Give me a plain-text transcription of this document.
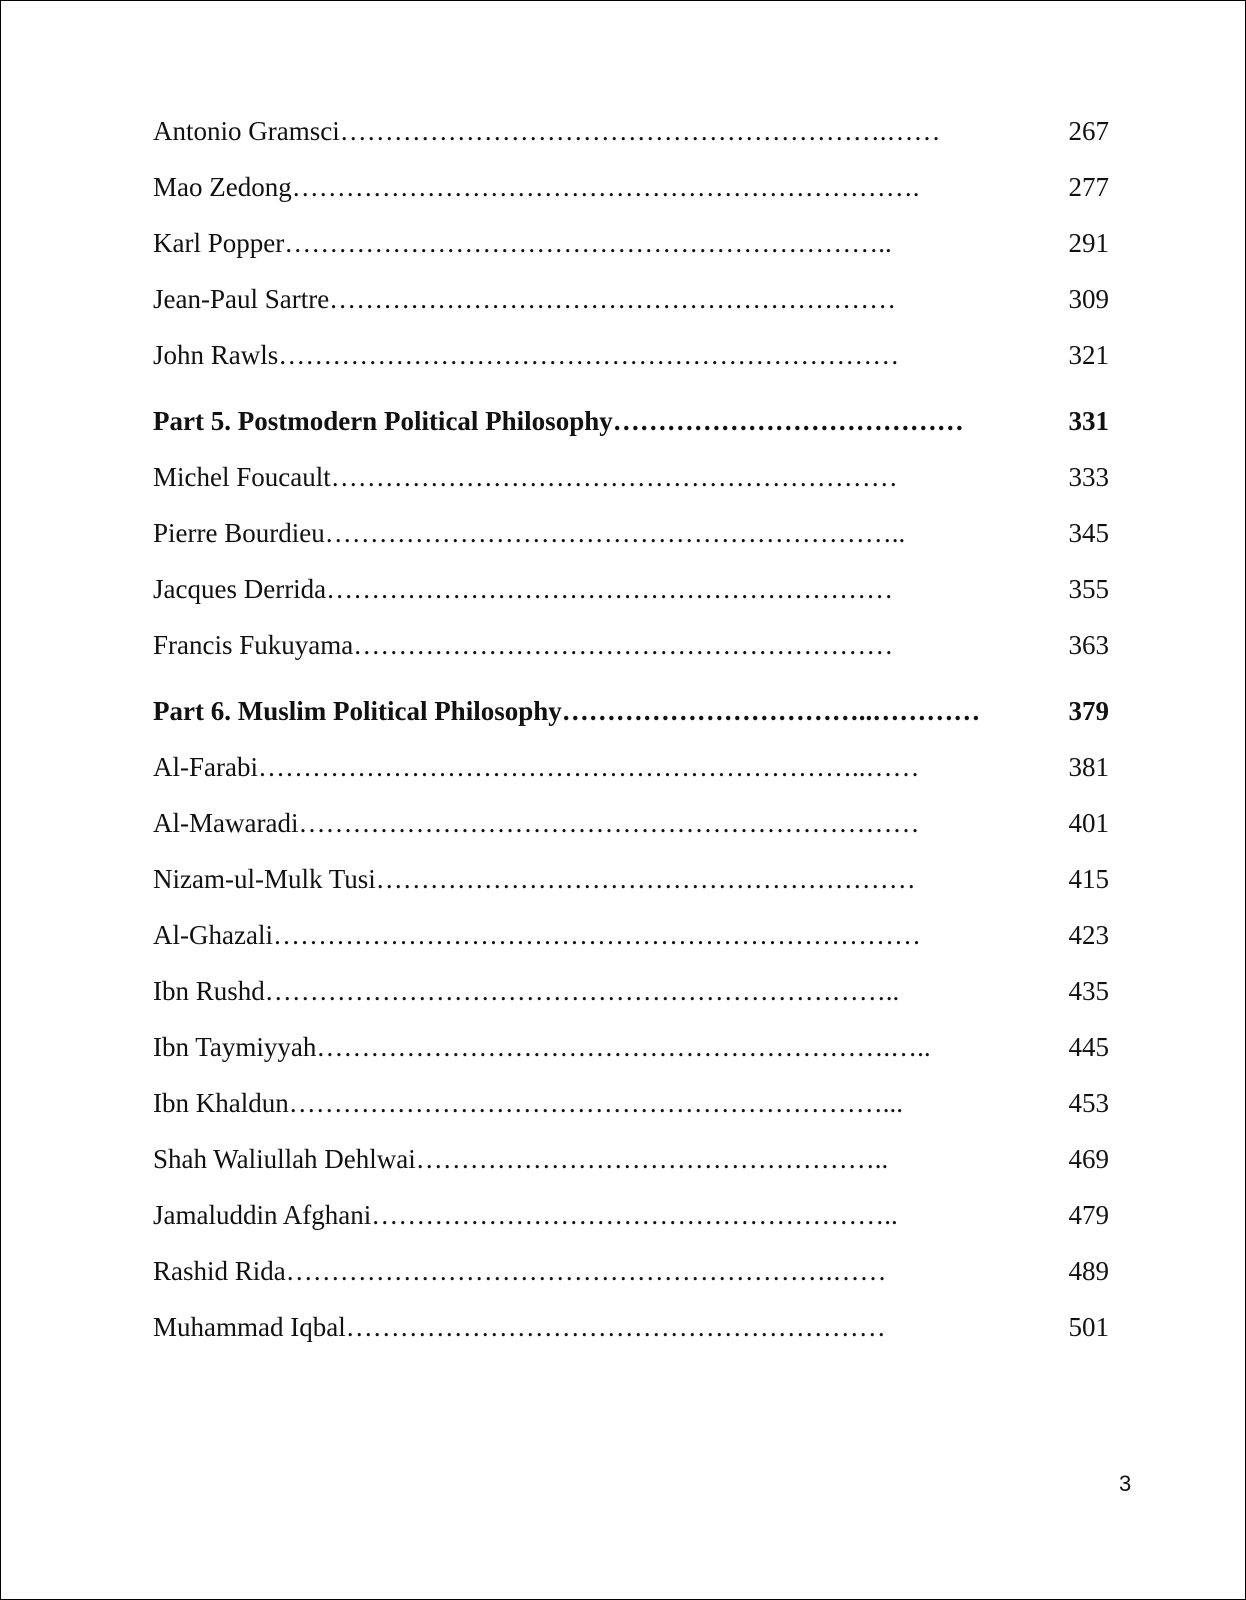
Antonio Gramsci…………………………………………………….……	267
Mao Zedong…………………………………………………………….	277
Karl Popper…………………………………………………………..	291
Jean-Paul Sartre………………………………………………………	309
John Rawls……………………………………………………………	321
Part 5. Postmodern Political Philosophy…………………………………	331
Michel Foucault………………………………………………………	333
Pierre Bourdieu………………………………………………………..	345
Jacques Derrida………………………………………………………	355
Francis Fukuyama……………………………………………………	363
Part 6. Muslim Political Philosophy……………………………..…………	379
Al-Farabi…………………………………………………………..……	381
Al-Mawaradi……………………………………………………………	401
Nizam-ul-Mulk Tusi……………………………………………………	415
Al-Ghazali………………………………………………………………	423
Ibn Rushd……………………………………………………………..	435
Ibn Taymiyyah……………………………………………………….…..	445
Ibn Khaldun…………………………………………………………...	453
Shah Waliullah Dehlwai……………………………………………..	469
Jamaluddin Afghani…………………………………………………..	479
Rashid Rida…………………………………………………….……	489
Muhammad Iqbal……………………………………………………	501
3
